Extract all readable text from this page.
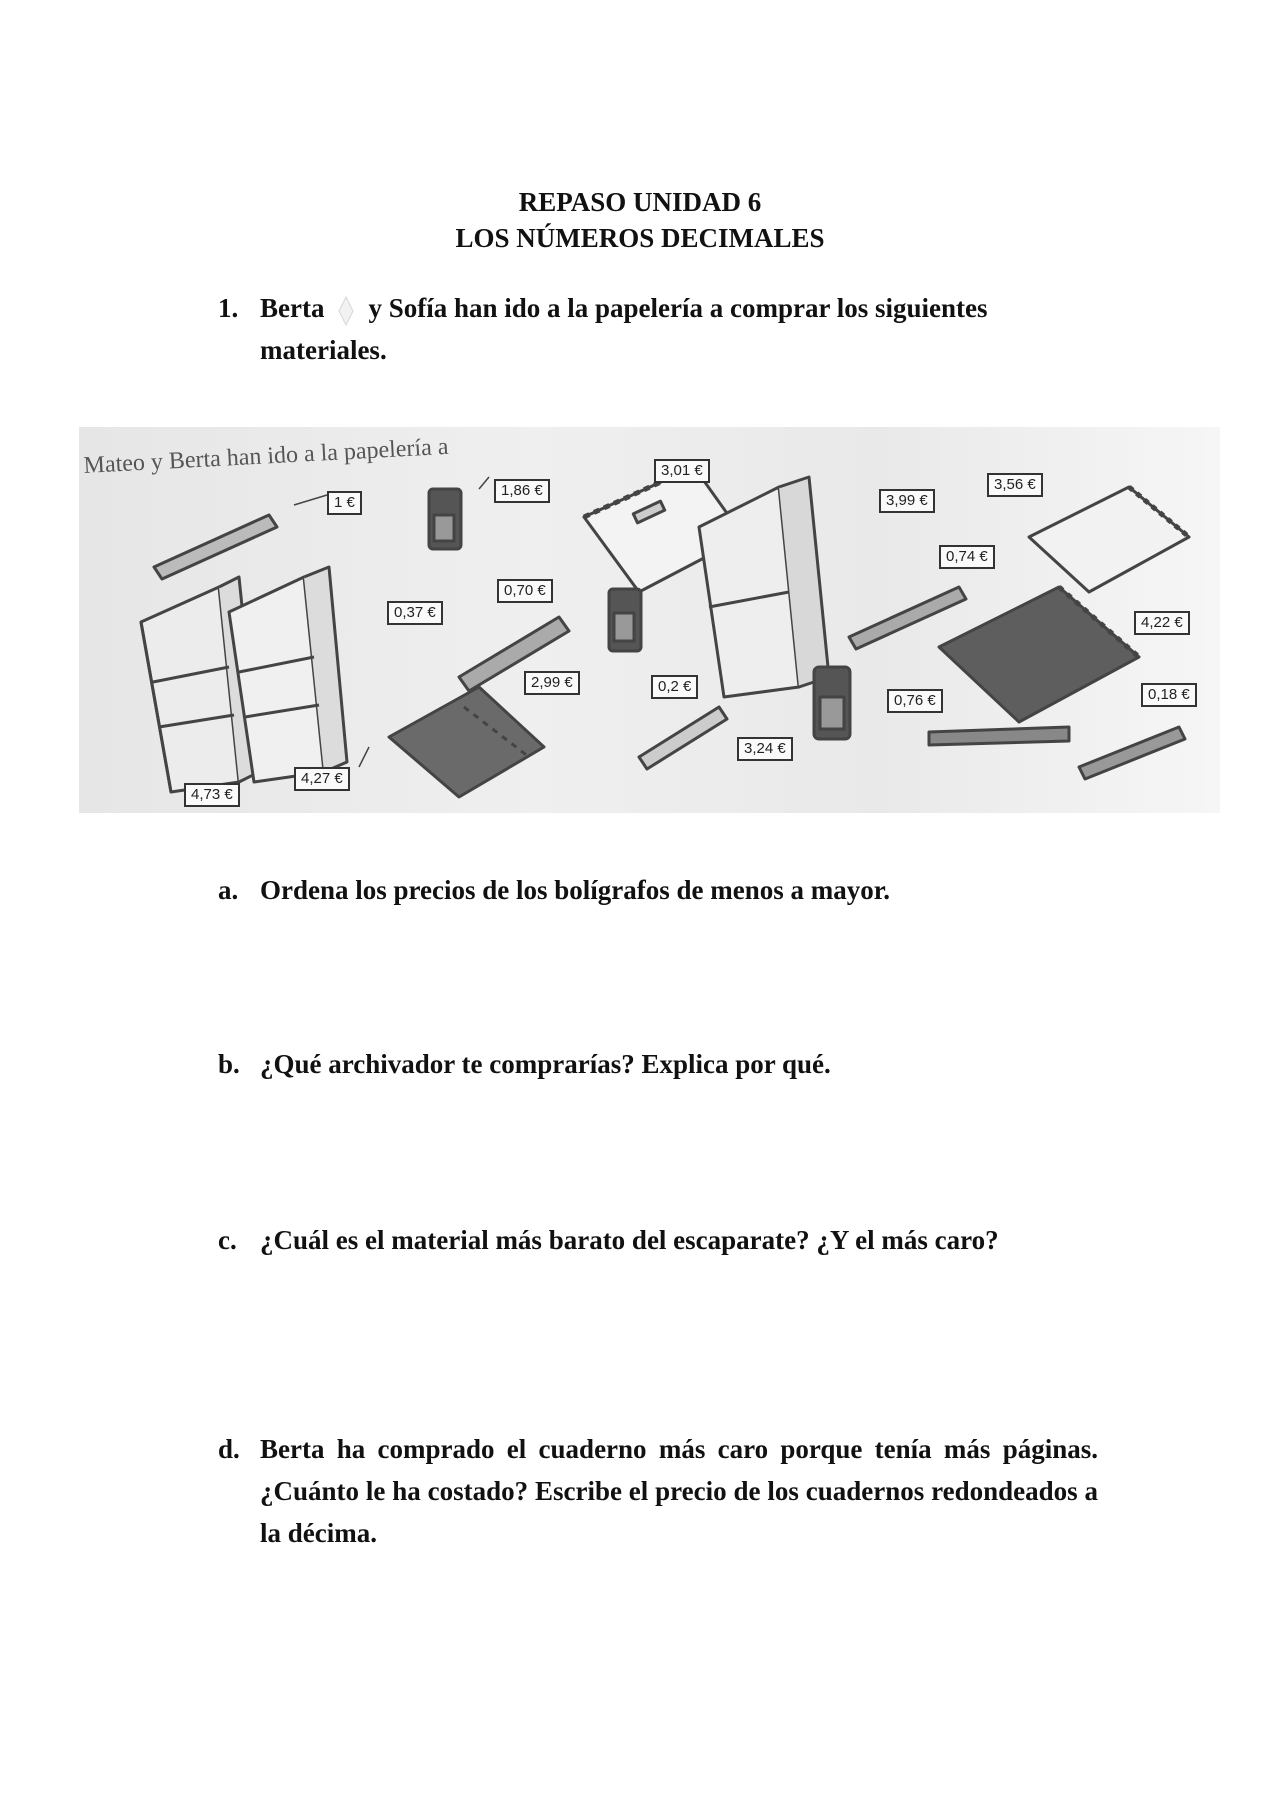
REPASO UNIDAD 6
LOS NÚMEROS DECIMALES
1. Berta y Sofía han ido a la papelería a comprar los siguientes
materiales.
Mateo y Berta han ido a la papelería a
1 €
1,86 €
3,01 €
3,99 €
3,56 €
0,74 €
0,37 €
0,70 €
2,99 €	0,2 €
3,24 €
0,76 €
4,22 €
0,18 €
4,73 €
4,27 €
a. Ordena los precios de los bolígrafos de menos a mayor.
b. ¿Qué archivador te comprarías? Explica por qué.
c. ¿Cuál es el material más barato del escaparate? ¿Y el más caro?
d. Berta ha comprado el cuaderno más caro porque tenía más páginas. ¿Cuánto le ha costado? Escribe el precio de los cuadernos redondeados a la décima.
